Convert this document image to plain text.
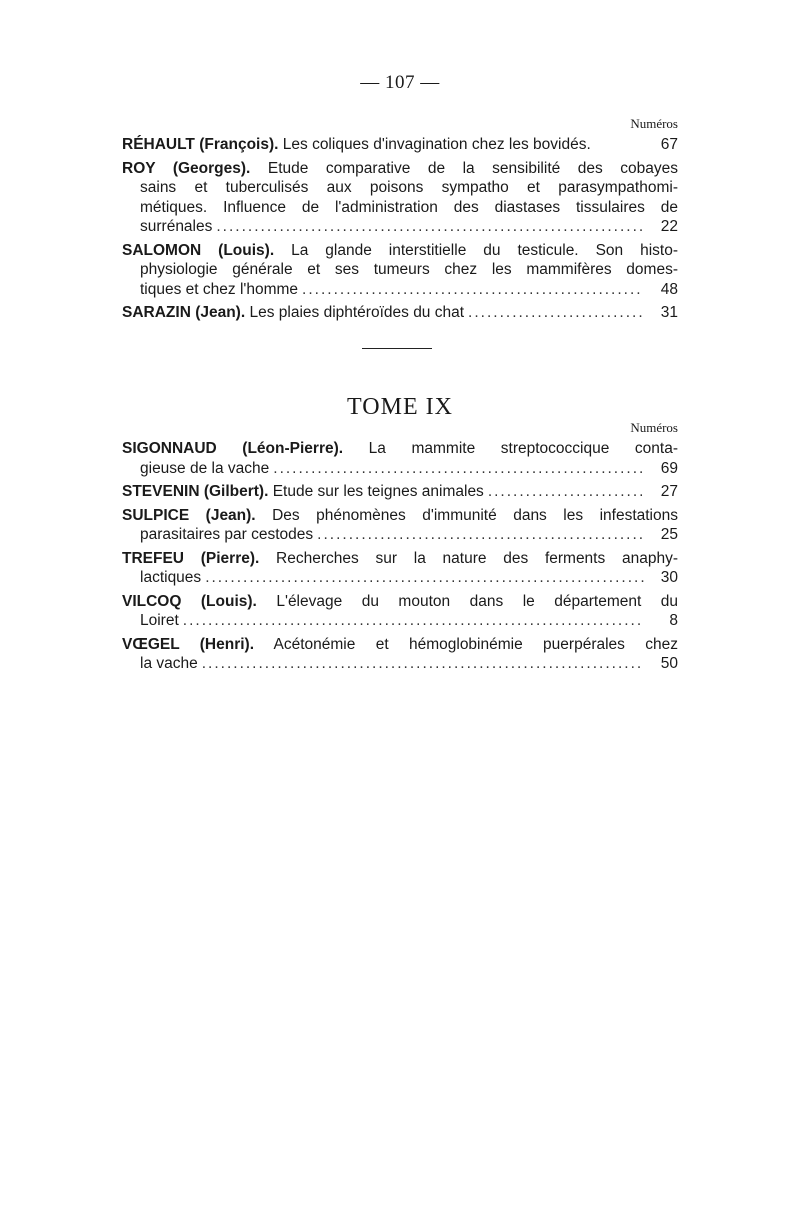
— 107 —
Numéros
RÉHAULT (François).
Les coliques d'invagination chez les bovidés.	67
ROY (Georges). Etude comparative de la sensibilité des cobayes
sains et tuberculisés aux poisons sympatho et parasympathomi-
métiques. Influence de l'administration des diastases tissulaires de
surrénales .....	22
SALOMON (Louis). La glande interstitielle du testicule. Son histo-
physiologie générale et ses tumeurs chez les mammifères domes-
tiques et chez l'homme .....	48
SARAZIN (Jean).
Les plaies diphtéroïdes du chat .....	31
TOME IX
Numéros
SIGONNAUD (Léon-Pierre). La mammite streptococcique conta-
gieuse de la vache .....	69
STEVENIN (Gilbert).
Etude sur les teignes animales .....	27
SULPICE (Jean). Des phénomènes d'immunité dans les infestations
parasitaires par cestodes .....	25
TREFEU (Pierre). Recherches sur la nature des ferments anaphy-
lactiques .....	30
VILCOQ (Louis). L'élevage du mouton dans le département du
Loiret .....	8
VŒGEL (Henri). Acétonémie et hémoglobinémie puerpérales chez
la vache .....	50
